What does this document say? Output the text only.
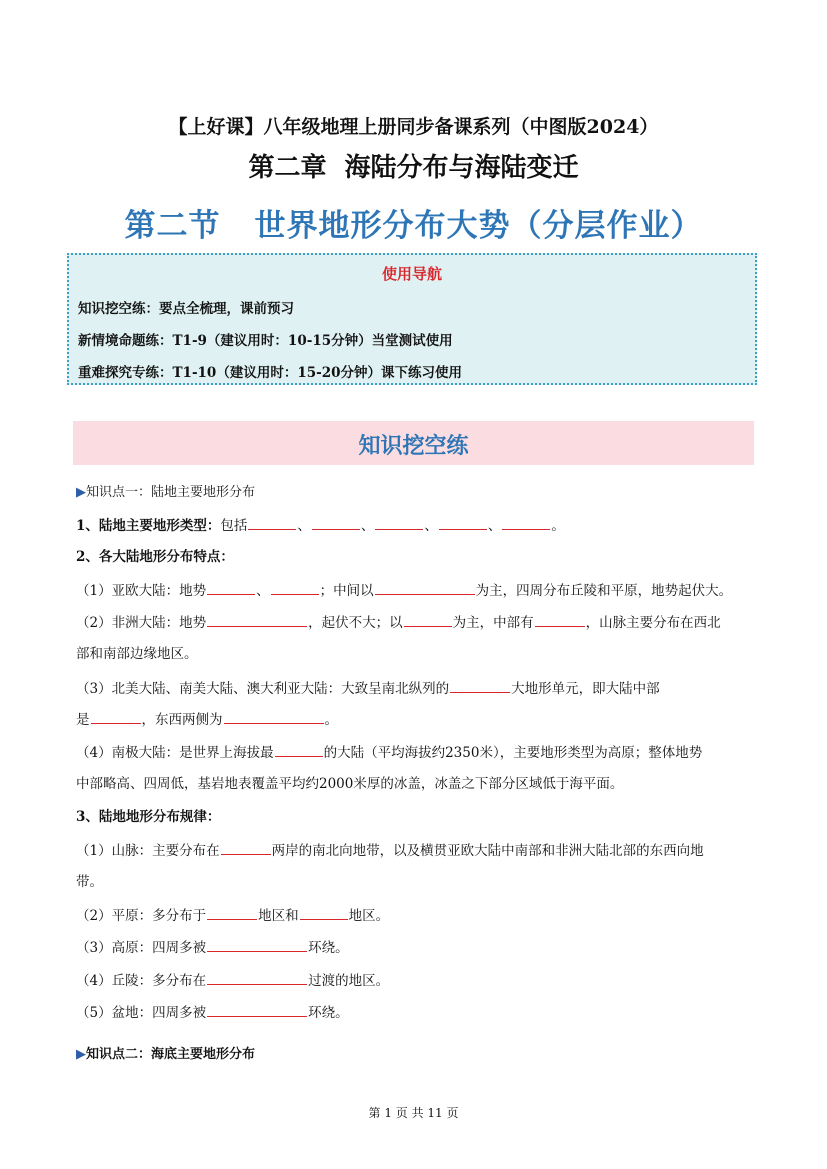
【上好课】八年级地理上册同步备课系列（中图版2024）
第二章  海陆分布与海陆变迁
第二节 世界地形分布大势（分层作业）
使用导航
知识挖空练：要点全梳理，课前预习
新情境命题练：T1-9（建议用时：10-15分钟）当堂测试使用
重难探究专练：T1-10（建议用时：15-20分钟）课下练习使用
知识挖空练
▶知识点一：陆地主要地形分布
1、陆地主要地形类型：包括	、	、	、	、	。
2、各大陆地形分布特点：
（1）亚欧大陆：地势	、	；中间以	为主，四周分布丘陵和平原，地势起伏大。
（2）非洲大陆：地势	，起伏不大；以	为主，中部有	，山脉主要分布在西北
部和南部边缘地区。
（3）北美大陆、南美大陆、澳大利亚大陆：大致呈南北纵列的	大地形单元，即大陆中部
是	，东西两侧为	。
（4）南极大陆：是世界上海拔最	的大陆（平均海拔约2350米），主要地形类型为高原；整体地势
中部略高、四周低，基岩地表覆盖平均约2000米厚的冰盖，冰盖之下部分区域低于海平面。
3、陆地地形分布规律：
（1）山脉：主要分布在	两岸的南北向地带，以及横贯亚欧大陆中南部和非洲大陆北部的东西向地
带。
（2）平原：多分布于	地区和	地区。
（3）高原：四周多被	环绕。
（4）丘陵：多分布在	过渡的地区。
（5）盆地：四周多被	环绕。
▶知识点二：海底主要地形分布
第 1 页 共 11 页
